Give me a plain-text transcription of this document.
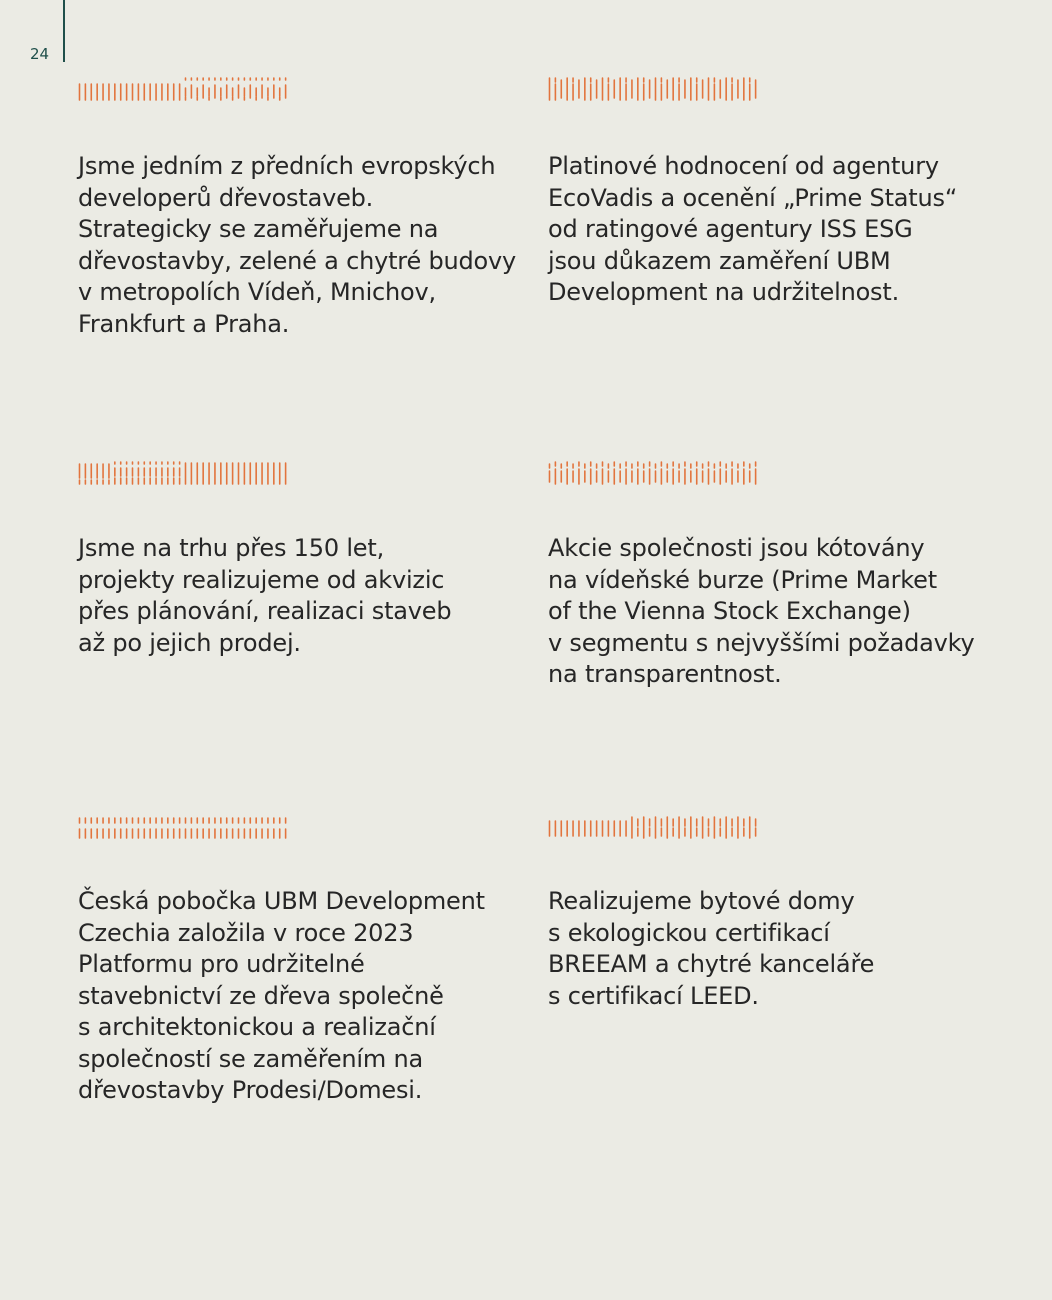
24

Jsme jedním z předních evropských
developerů dřevostaveb.
Strategicky se zaměřujeme na
dřevostavby, zelené a chytré budovy
v metropolích Vídeň, Mnichov,
Frankfurt a Praha.

Platinové hodnocení od agentury
EcoVadis a ocenění „Prime Status“
od ratingové agentury ISS ESG
jsou důkazem zaměření UBM
Development na udržitelnost.

Jsme na trhu přes 150 let,
projekty realizujeme od akvizic
přes plánování, realizaci staveb
až po jejich prodej.

Akcie společnosti jsou kótovány
na vídeňské burze (Prime Market
of the Vienna Stock Exchange)
v segmentu s nejvyššími požadavky
na transparentnost.

Česká pobočka UBM Development
Czechia založila v roce 2023
Platformu pro udržitelné
stavebnictví ze dřeva společně
s architektonickou a realizační
společností se zaměřením na
dřevostavby Prodesi/Domesi.

Realizujeme bytové domy
s ekologickou certifikací
BREEAM a chytré kanceláře
s certifikací LEED.
